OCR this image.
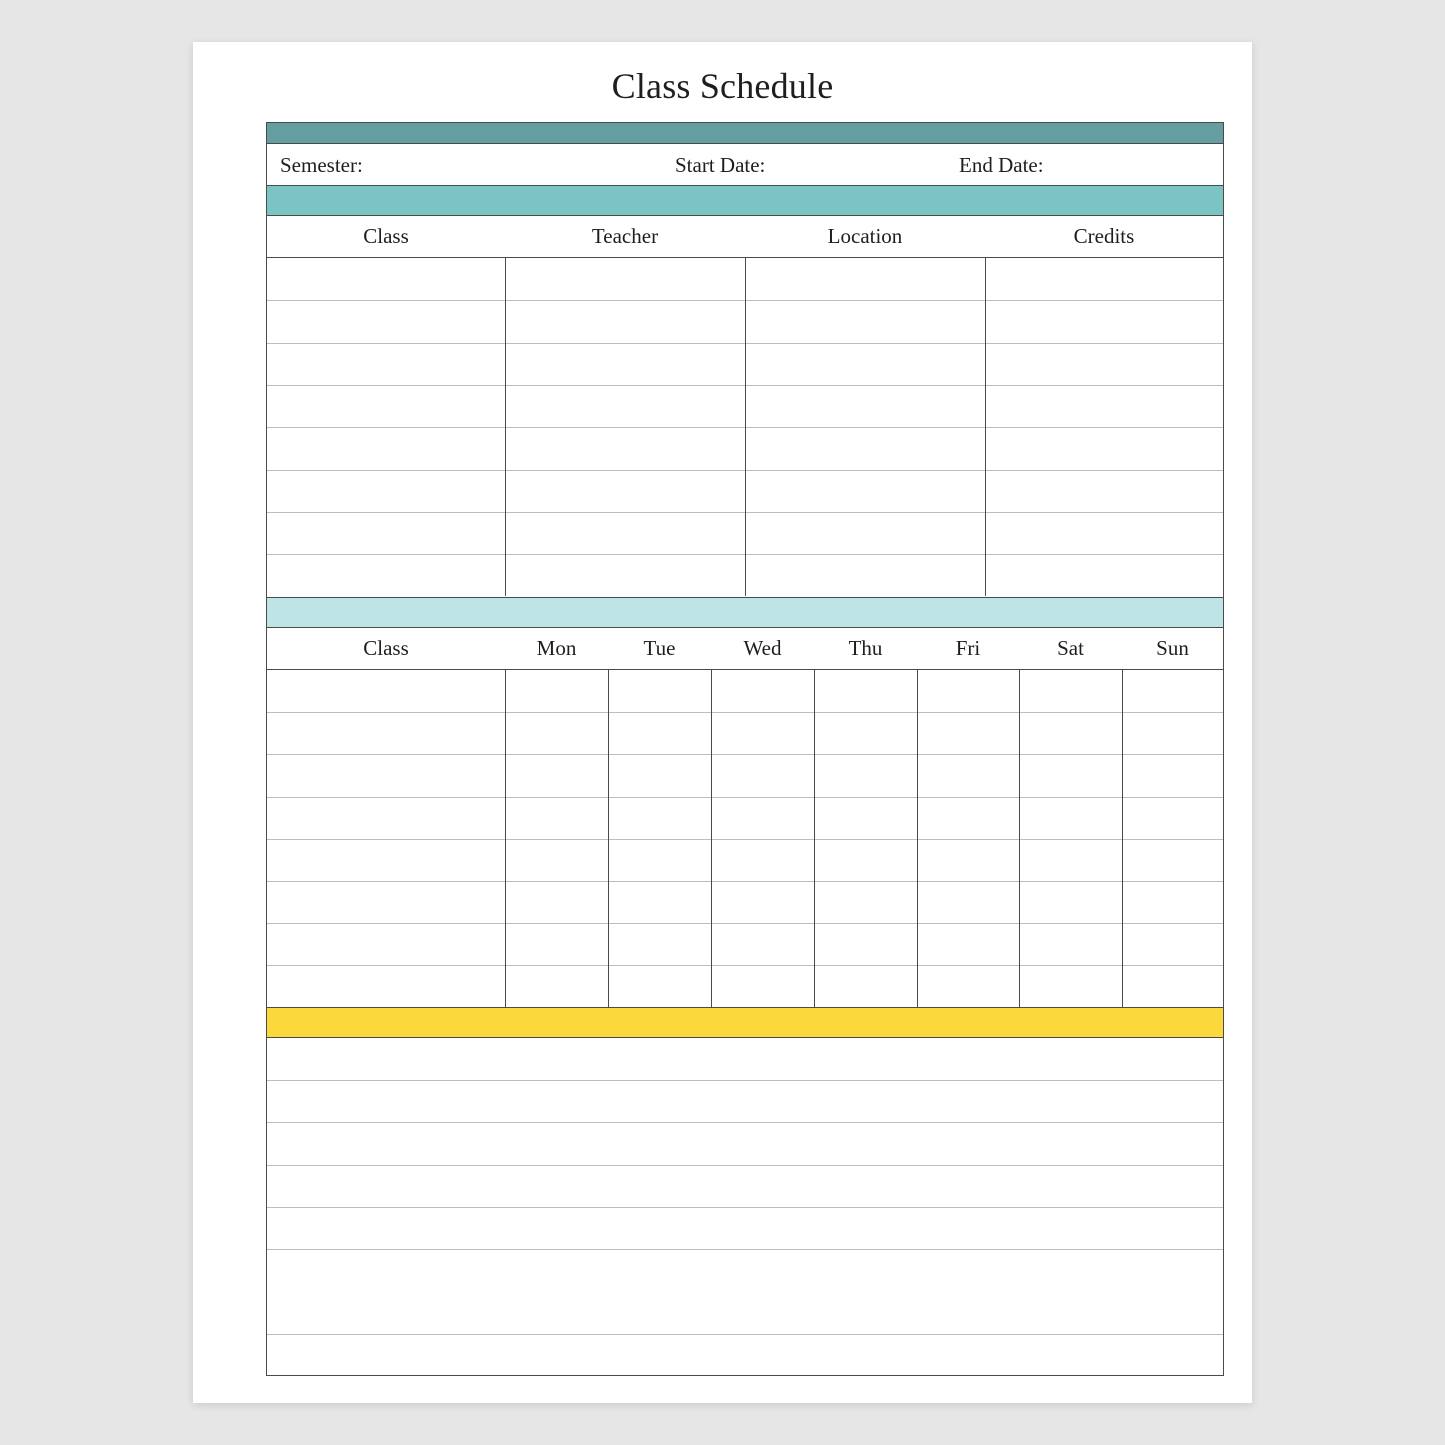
Class Schedule
Semester:	Start Date:	End Date:
Class	Teacher	Location	Credits
Class	Mon	Tue	Wed	Thu	Fri	Sat	Sun
